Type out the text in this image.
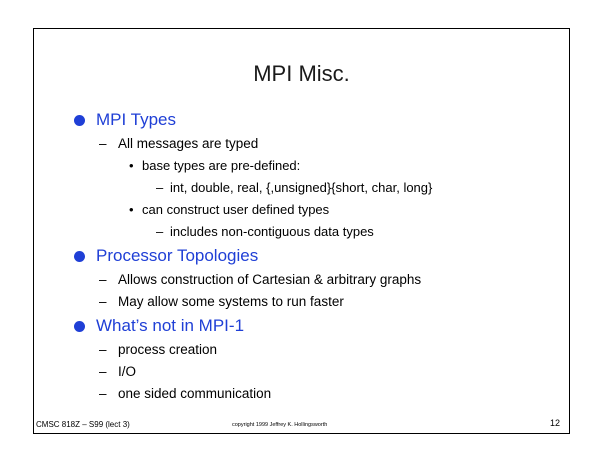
MPI Misc.
MPI Types
– All messages are typed
• base types are pre-defined:
– int, double, real, {,unsigned}{short, char, long}
• can construct user defined types
– includes non-contiguous data types
Processor Topologies
– Allows construction of Cartesian & arbitrary graphs
– May allow some systems to run faster
What’s not in MPI-1
– process creation
– I/O
– one sided communication
CMSC 818Z – S99 (lect 3)	copyright 1999 Jeffrey K. Hollingsworth	12
